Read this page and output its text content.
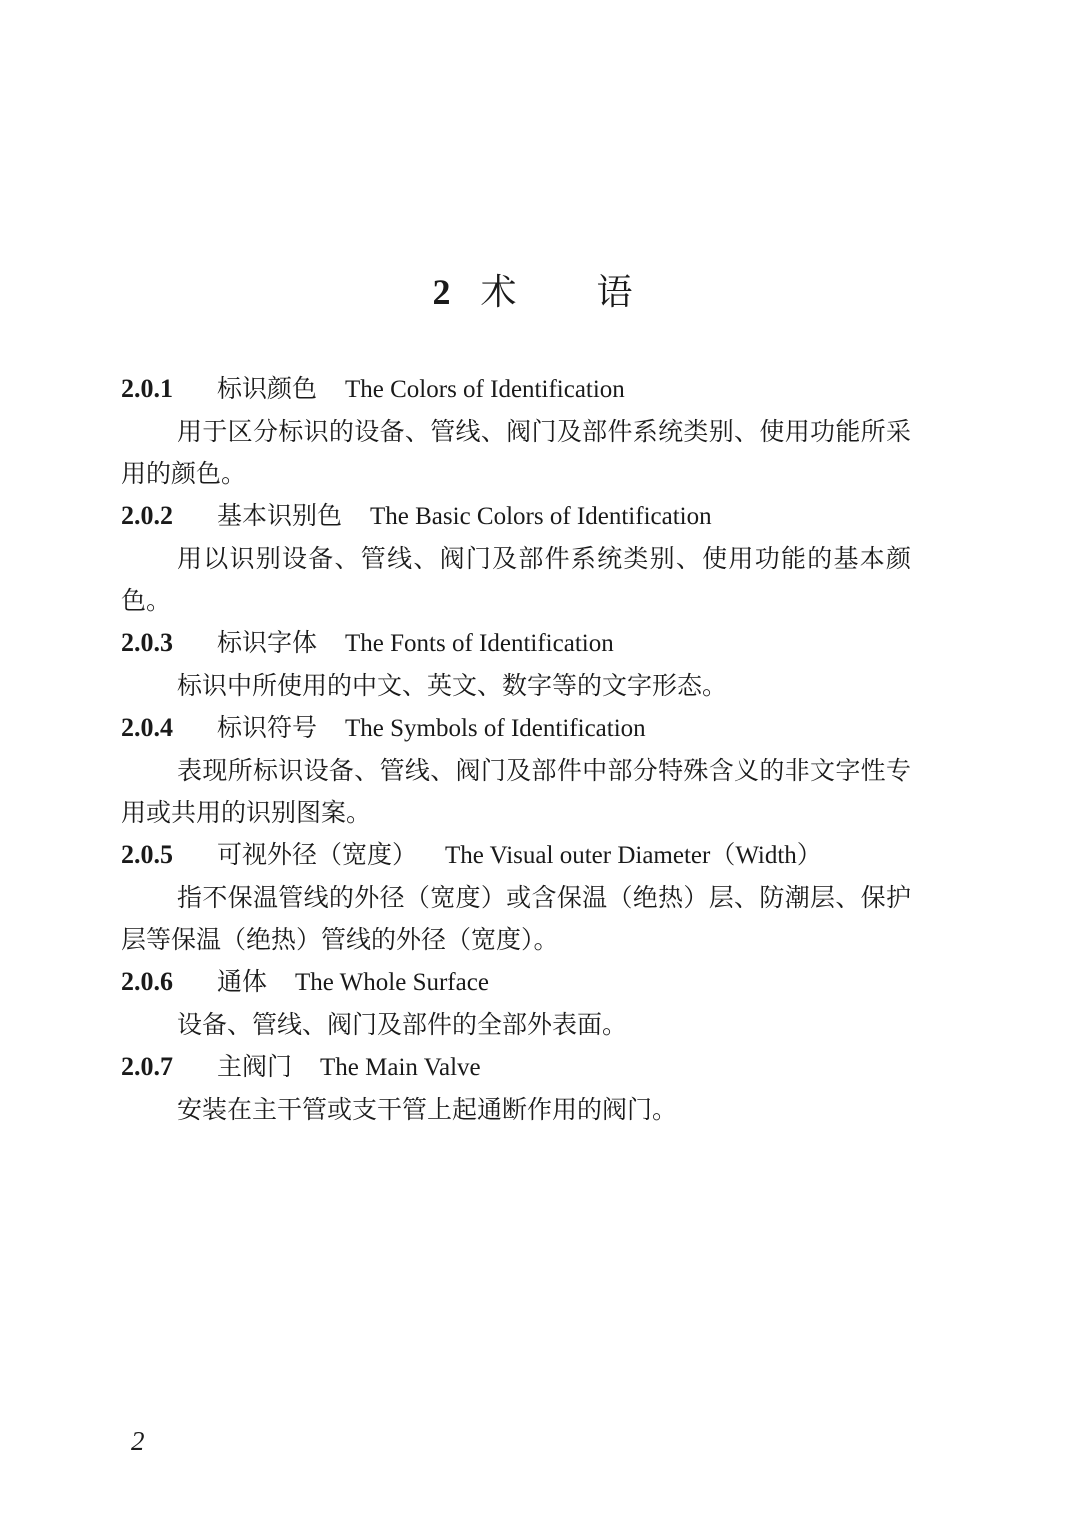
2 术语
2.0.1 标识颜色 The Colors of Identification

用于区分标识的设备、管线、阀门及部件系统类别、使用功能所采用的颜色。

2.0.2 基本识别色 The Basic Colors of Identification

用以识别设备、管线、阀门及部件系统类别、使用功能的基本颜色。

2.0.3 标识字体 The Fonts of Identification

标识中所使用的中文、英文、数字等的文字形态。

2.0.4 标识符号 The Symbols of Identification

表现所标识设备、管线、阀门及部件中部分特殊含义的非文字性专用或共用的识别图案。

2.0.5 可视外径（宽度） The Visual outer Diameter（Width）

指不保温管线的外径（宽度）或含保温（绝热）层、防潮层、保护层等保温（绝热）管线的外径（宽度）。

2.0.6 通体 The Whole Surface

设备、管线、阀门及部件的全部外表面。

2.0.7 主阀门 The Main Valve

安装在主干管或支干管上起通断作用的阀门。

2
